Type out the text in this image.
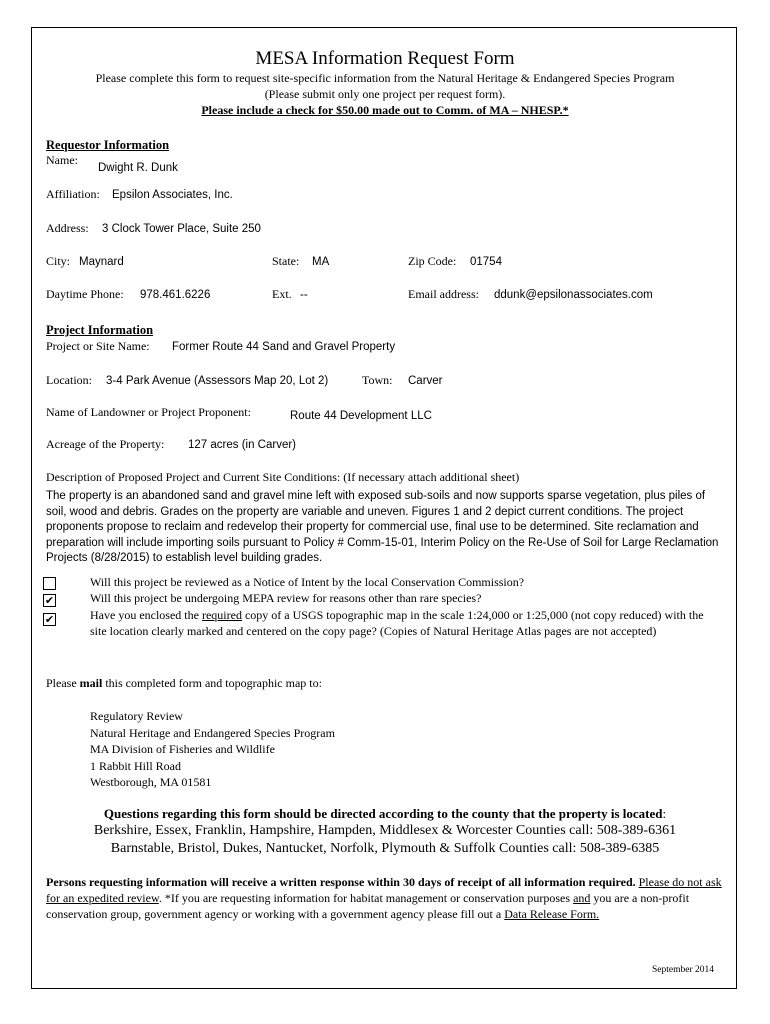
MESA Information Request Form
Please complete this form to request site-specific information from the Natural Heritage & Endangered Species Program
(Please submit only one project per request form).
Please include a check for $50.00 made out to Comm. of MA – NHESP.*
Requestor Information
Name:
Dwight R. Dunk
Affiliation: Epsilon Associates, Inc.
Address: 3 Clock Tower Place, Suite 250
City: Maynard	State: MA	Zip Code: 01754
Daytime Phone: 978.461.6226	Ext. --	Email address: ddunk@epsilonassociates.com
Project Information
Project or Site Name: Former Route 44 Sand and Gravel Property
Location: 3-4 Park Avenue (Assessors Map 20, Lot 2)	Town: Carver
Name of Landowner or Project Proponent:	Route 44 Development LLC
Acreage of the Property: 127 acres (in Carver)
Description of Proposed Project and Current Site Conditions: (If necessary attach additional sheet)
The property is an abandoned sand and gravel mine left with exposed sub-soils and now supports sparse vegetation, plus piles of soil, wood and debris. Grades on the property are variable and uneven. Figures 1 and 2 depict current conditions. The project proponents propose to reclaim and redevelop their property for commercial use, final use to be determined. Site reclamation and preparation will include importing soils pursuant to Policy # Comm-15-01, Interim Policy on the Re-Use of Soil for Large Reclamation Projects (8/28/2015) to establish level building grades.
Will this project be reviewed as a Notice of Intent by the local Conservation Commission?
✔	Will this project be undergoing MEPA review for reasons other than rare species?
✔	Have you enclosed the required copy of a USGS topographic map in the scale 1:24,000 or 1:25,000 (not copy reduced) with the site location clearly marked and centered on the copy page? (Copies of Natural Heritage Atlas pages are not accepted)
Please mail this completed form and topographic map to:
Regulatory Review
Natural Heritage and Endangered Species Program
MA Division of Fisheries and Wildlife
1 Rabbit Hill Road
Westborough, MA 01581
Questions regarding this form should be directed according to the county that the property is located:
Berkshire, Essex, Franklin, Hampshire, Hampden, Middlesex & Worcester Counties call: 508-389-6361
Barnstable, Bristol, Dukes, Nantucket, Norfolk, Plymouth & Suffolk Counties call: 508-389-6385
Persons requesting information will receive a written response within 30 days of receipt of all information required. Please do not ask for an expedited review. *If you are requesting information for habitat management or conservation purposes and you are a non-profit conservation group, government agency or working with a government agency please fill out a Data Release Form.
September 2014
